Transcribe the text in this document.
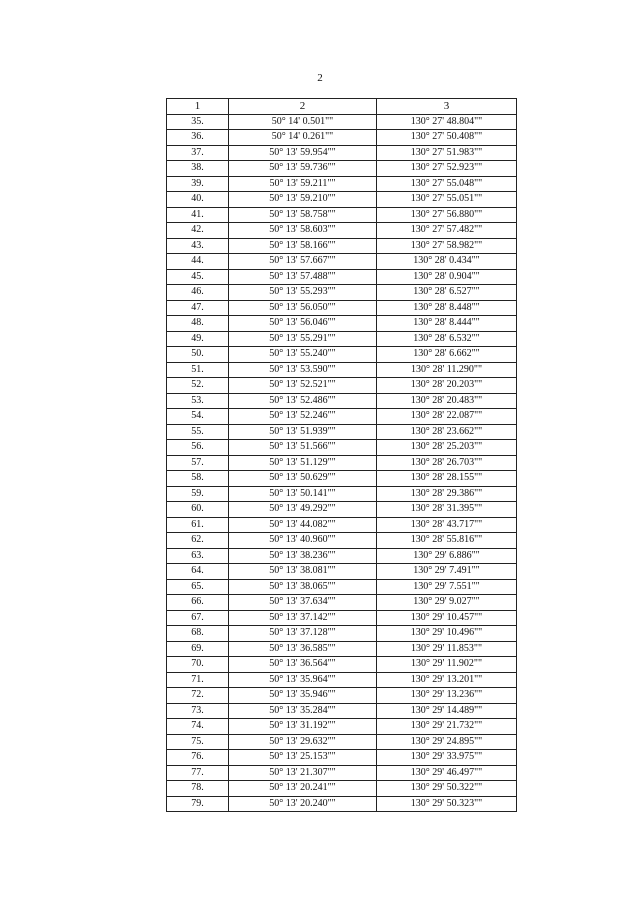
2
1	2	3
35.	50° 14' 0.501""	130° 27' 48.804""
36.	50° 14' 0.261""	130° 27' 50.408""
37.	50° 13' 59.954""	130° 27' 51.983""
38.	50° 13' 59.736""	130° 27' 52.923""
39.	50° 13' 59.211""	130° 27' 55.048""
40.	50° 13' 59.210""	130° 27' 55.051""
41.	50° 13' 58.758""	130° 27' 56.880""
42.	50° 13' 58.603""	130° 27' 57.482""
43.	50° 13' 58.166""	130° 27' 58.982""
44.	50° 13' 57.667""	130° 28' 0.434""
45.	50° 13' 57.488""	130° 28' 0.904""
46.	50° 13' 55.293""	130° 28' 6.527""
47.	50° 13' 56.050""	130° 28' 8.448""
48.	50° 13' 56.046""	130° 28' 8.444""
49.	50° 13' 55.291""	130° 28' 6.532""
50.	50° 13' 55.240""	130° 28' 6.662""
51.	50° 13' 53.590""	130° 28' 11.290""
52.	50° 13' 52.521""	130° 28' 20.203""
53.	50° 13' 52.486""	130° 28' 20.483""
54.	50° 13' 52.246""	130° 28' 22.087""
55.	50° 13' 51.939""	130° 28' 23.662""
56.	50° 13' 51.566""	130° 28' 25.203""
57.	50° 13' 51.129""	130° 28' 26.703""
58.	50° 13' 50.629""	130° 28' 28.155""
59.	50° 13' 50.141""	130° 28' 29.386""
60.	50° 13' 49.292""	130° 28' 31.395""
61.	50° 13' 44.082""	130° 28' 43.717""
62.	50° 13' 40.960""	130° 28' 55.816""
63.	50° 13' 38.236""	130° 29' 6.886""
64.	50° 13' 38.081""	130° 29' 7.491""
65.	50° 13' 38.065""	130° 29' 7.551""
66.	50° 13' 37.634""	130° 29' 9.027""
67.	50° 13' 37.142""	130° 29' 10.457""
68.	50° 13' 37.128""	130° 29' 10.496""
69.	50° 13' 36.585""	130° 29' 11.853""
70.	50° 13' 36.564""	130° 29' 11.902""
71.	50° 13' 35.964""	130° 29' 13.201""
72.	50° 13' 35.946""	130° 29' 13.236""
73.	50° 13' 35.284""	130° 29' 14.489""
74.	50° 13' 31.192""	130° 29' 21.732""
75.	50° 13' 29.632""	130° 29' 24.895""
76.	50° 13' 25.153""	130° 29' 33.975""
77.	50° 13' 21.307""	130° 29' 46.497""
78.	50° 13' 20.241""	130° 29' 50.322""
79.	50° 13' 20.240""	130° 29' 50.323""
